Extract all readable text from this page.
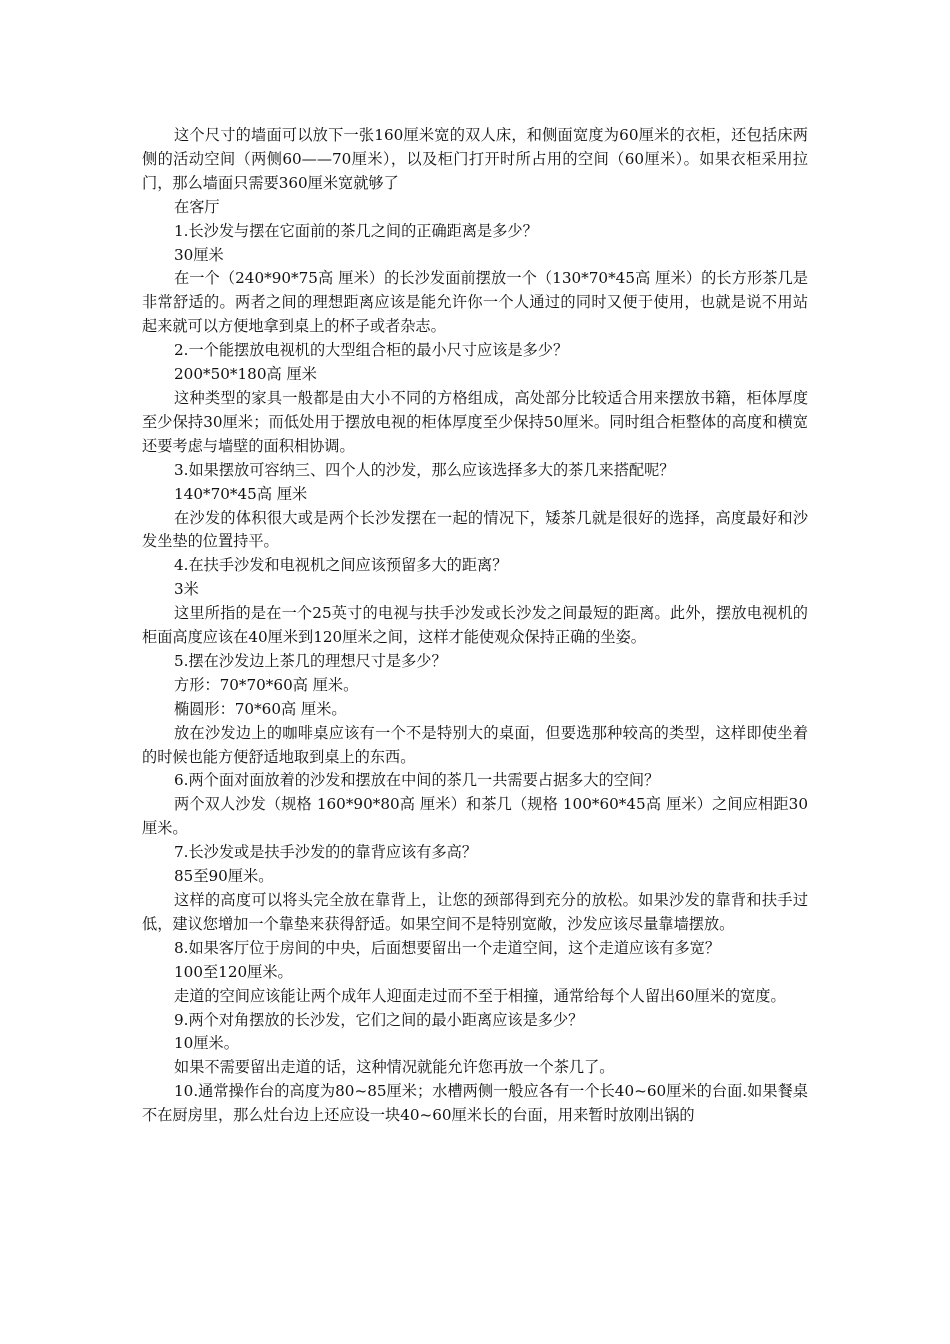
这个尺寸的墙面可以放下一张160厘米宽的双人床，和侧面宽度为60厘米的衣柜，还包括床两侧的活动空间（两侧60——70厘米），以及柜门打开时所占用的空间（60厘米）。如果衣柜采用拉门，那么墙面只需要360厘米宽就够了

在客厅

1.长沙发与摆在它面前的茶几之间的正确距离是多少？

30厘米

在一个（240*90*75高 厘米）的长沙发面前摆放一个（130*70*45高 厘米）的长方形茶几是非常舒适的。两者之间的理想距离应该是能允许你一个人通过的同时又便于使用，也就是说不用站起来就可以方便地拿到桌上的杯子或者杂志。

2.一个能摆放电视机的大型组合柜的最小尺寸应该是多少？

200*50*180高 厘米

这种类型的家具一般都是由大小不同的方格组成，高处部分比较适合用来摆放书籍，柜体厚度至少保持30厘米；而低处用于摆放电视的柜体厚度至少保持50厘米。同时组合柜整体的高度和横宽还要考虑与墙壁的面积相协调。

3.如果摆放可容纳三、四个人的沙发，那么应该选择多大的茶几来搭配呢？

140*70*45高 厘米

在沙发的体积很大或是两个长沙发摆在一起的情况下，矮茶几就是很好的选择，高度最好和沙发坐垫的位置持平。

4.在扶手沙发和电视机之间应该预留多大的距离？

3米

这里所指的是在一个25英寸的电视与扶手沙发或长沙发之间最短的距离。此外，摆放电视机的柜面高度应该在40厘米到120厘米之间，这样才能使观众保持正确的坐姿。

5.摆在沙发边上茶几的理想尺寸是多少？

方形：70*70*60高 厘米。

椭圆形：70*60高 厘米。

放在沙发边上的咖啡桌应该有一个不是特别大的桌面，但要选那种较高的类型，这样即使坐着的时候也能方便舒适地取到桌上的东西。

6.两个面对面放着的沙发和摆放在中间的茶几一共需要占据多大的空间？

两个双人沙发（规格 160*90*80高 厘米）和茶几（规格 100*60*45高 厘米）之间应相距30厘米。

7.长沙发或是扶手沙发的的靠背应该有多高？

85至90厘米。

这样的高度可以将头完全放在靠背上，让您的颈部得到充分的放松。如果沙发的靠背和扶手过低，建议您增加一个靠垫来获得舒适。如果空间不是特别宽敞，沙发应该尽量靠墙摆放。

8.如果客厅位于房间的中央，后面想要留出一个走道空间，这个走道应该有多宽？

100至120厘米。

走道的空间应该能让两个成年人迎面走过而不至于相撞，通常给每个人留出60厘米的宽度。

9.两个对角摆放的长沙发，它们之间的最小距离应该是多少？

10厘米。

如果不需要留出走道的话，这种情况就能允许您再放一个茶几了。

10.通常操作台的高度为80~85厘米；水槽两侧一般应各有一个长40~60厘米的台面.如果餐桌不在厨房里，那么灶台边上还应设一块40~60厘米长的台面，用来暂时放刚出锅的
